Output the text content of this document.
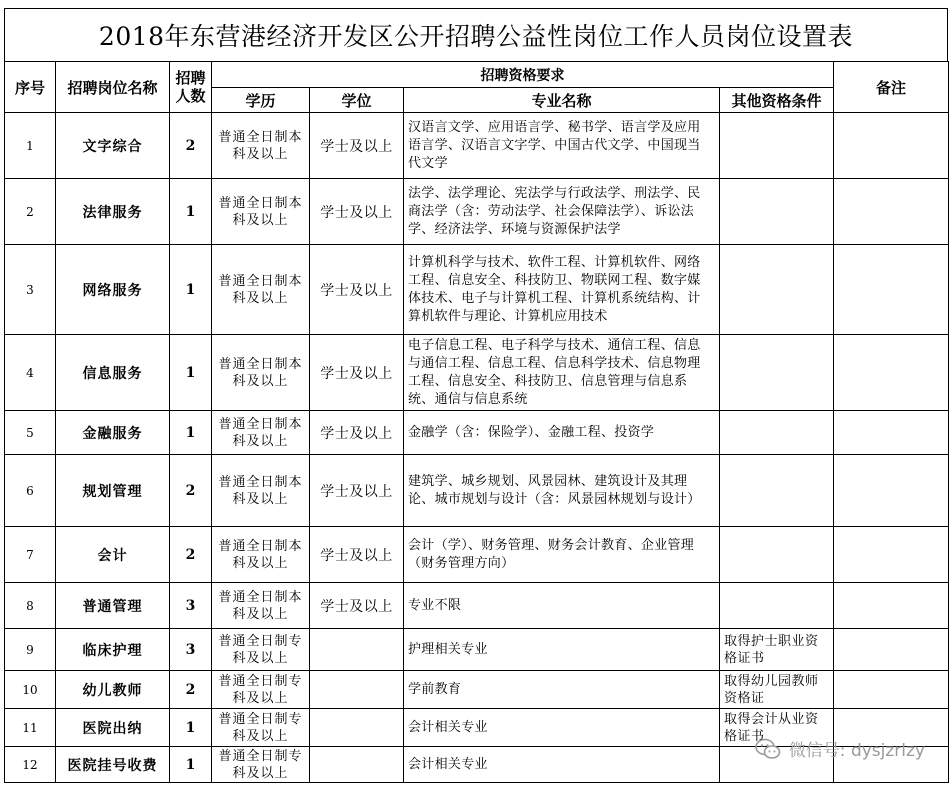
2018年东营港经济开发区公开招聘公益性岗位工作人员岗位设置表
序号	招聘岗位名称	招聘人数	招聘资格要求				备注
			学历	学位	专业名称	其他资格条件	
1	文字综合	2	普通全日制本科及以上	学士及以上	汉语言文学、应用语言学、秘书学、语言学及应用语言学、汉语言文字学、中国古代文学、中国现当代文学		
2	法律服务	1	普通全日制本科及以上	学士及以上	法学、法学理论、宪法学与行政法学、刑法学、民商法学（含：劳动法学、社会保障法学）、诉讼法学、经济法学、环境与资源保护法学		
3	网络服务	1	普通全日制本科及以上	学士及以上	计算机科学与技术、软件工程、计算机软件、网络工程、信息安全、科技防卫、物联网工程、数字媒体技术、电子与计算机工程、计算机系统结构、计算机软件与理论、计算机应用技术		
4	信息服务	1	普通全日制本科及以上	学士及以上	电子信息工程、电子科学与技术、通信工程、信息与通信工程、信息工程、信息科学技术、信息物理工程、信息安全、科技防卫、信息管理与信息系统、通信与信息系统		
5	金融服务	1	普通全日制本科及以上	学士及以上	金融学（含：保险学）、金融工程、投资学		
6	规划管理	2	普通全日制本科及以上	学士及以上	建筑学、城乡规划、风景园林、建筑设计及其理论、城市规划与设计（含：风景园林规划与设计）		
7	会计	2	普通全日制本科及以上	学士及以上	会计（学）、财务管理、财务会计教育、企业管理（财务管理方向）		
8	普通管理	3	普通全日制本科及以上	学士及以上	专业不限		
9	临床护理	3	普通全日制专科及以上		护理相关专业	取得护士职业资格证书	
10	幼儿教师	2	普通全日制专科及以上		学前教育	取得幼儿园教师资格证	
11	医院出纳	1	普通全日制专科及以上		会计相关专业	取得会计从业资格证书	
12	医院挂号收费	1	普通全日制专科及以上		会计相关专业		
微信号: dysjzrlzy
